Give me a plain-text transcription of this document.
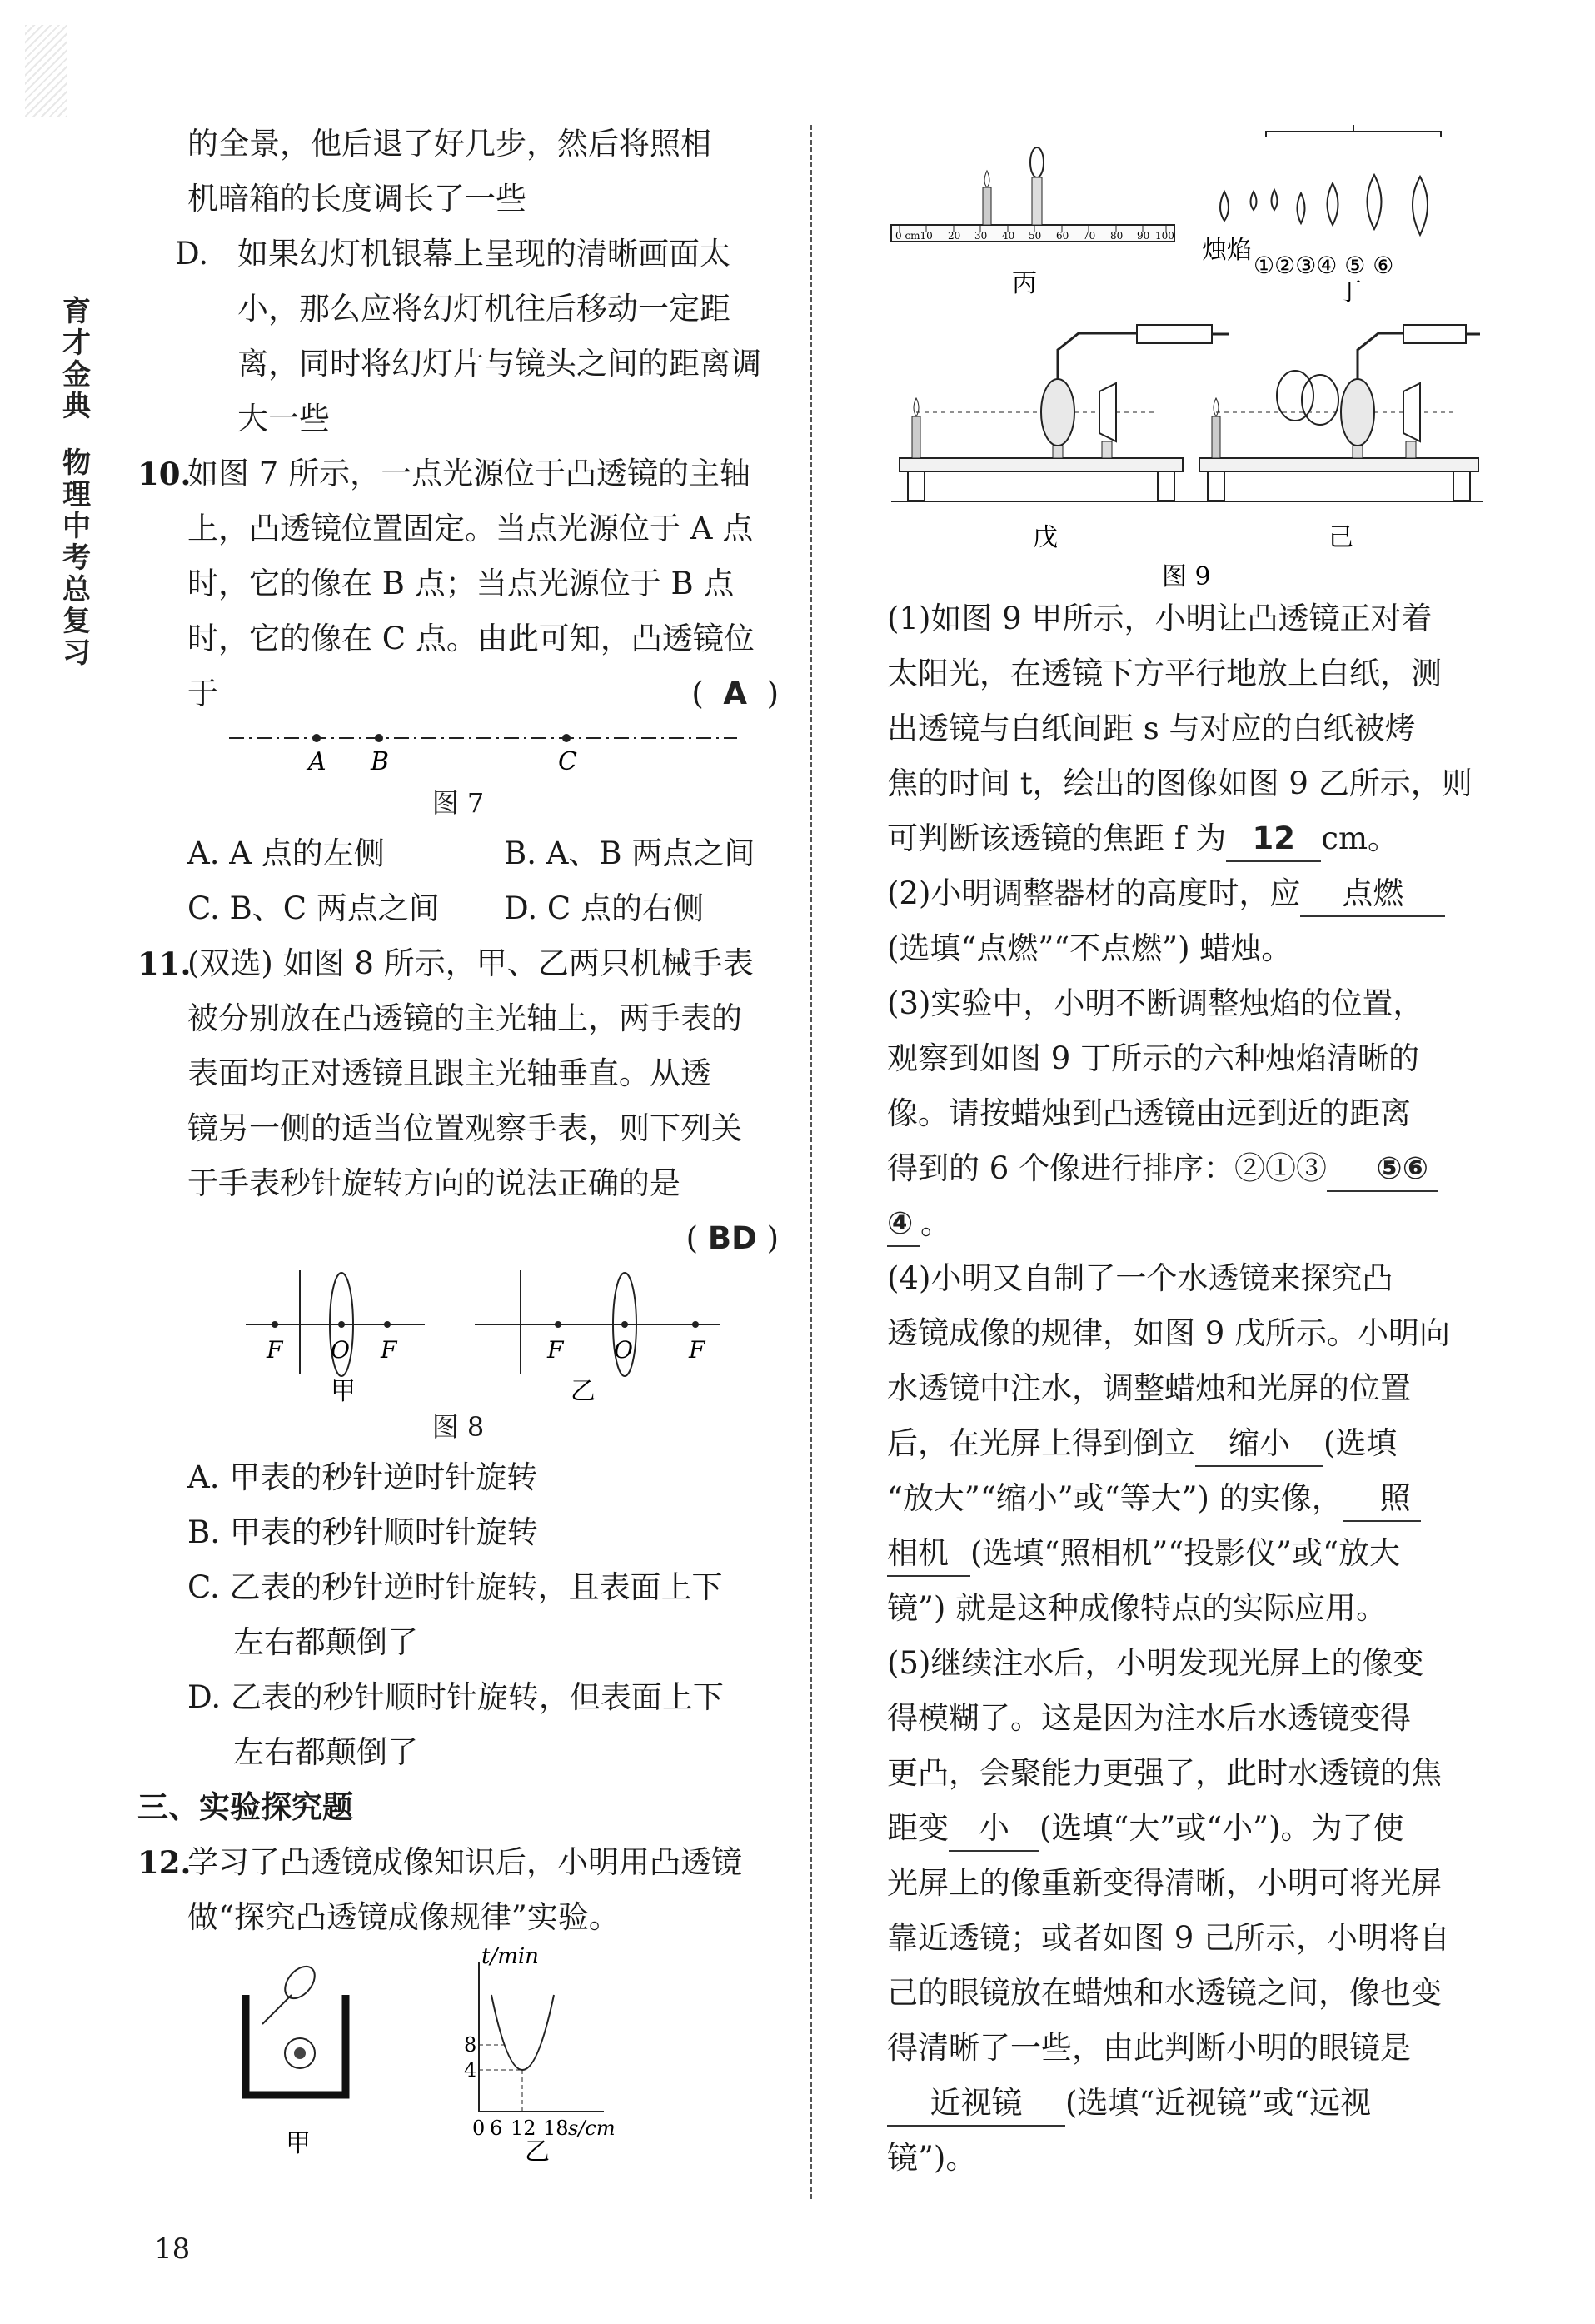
育
才
金
典
物
理
中
考
总
复
习

的全景，他后退了好几步，然后将照相
机暗箱的长度调长了一些

D. 如果幻灯机银幕上呈现的清晰画面太
小，那么应将幻灯机往后移动一定距
离，同时将幻灯片与镜头之间的距离调
大一些

10.

如图 7 所示，一点光源位于凸透镜的主轴
上，凸透镜位置固定。当点光源位于 A 点
时，它的像在 B 点；当点光源位于 B 点
时，它的像在 C 点。由此可知，凸透镜位

于	( A )
A B	C

图 7

A. A 点的左侧	B. A、B 两点之间
C. B、C 两点之间	D. C 点的右侧
11.

(双选) 如图 8 所示，甲、乙两只机械手表
被分别放在凸透镜的主光轴上，两手表的
表面均正对透镜且跟主光轴垂直。从透
镜另一侧的适当位置观察手表，则下列关
于手表秒针旋转方向的说法正确的是

( BD )
F O F
甲
F O F
乙

图 8

A. 甲表的秒针逆时针旋转

B. 甲表的秒针顺时针旋转

C. 乙表的秒针逆时针旋转，且表面上下
左右都颠倒了

D. 乙表的秒针顺时针旋转，但表面上下
左右都颠倒了

三、实验探究题

12.

学习了凸透镜成像知识后，小明用凸透镜
做“探究凸透镜成像规律”实验。

甲
t/min
8
4
0 6 12 18 s/cm
乙
0 cm10 20 30 40 50 60 70 80 90 100
丙
烛焰
①②③④ ⑤ ⑥
丁
戊	己
图 9

(1)如图 9 甲所示，小明让凸透镜正对着
太阳光，在透镜下方平行地放上白纸，测
出透镜与白纸间距 s 与对应的白纸被烤
焦的时间 t，绘出的图像如图 9 乙所示，则
可判断该透镜的焦距 f 为 12 cm。

(2)小明调整器材的高度时，应 点燃
(选填“点燃”“不点燃”) 蜡烛。

(3)实验中，小明不断调整烛焰的位置，
观察到如图 9 丁所示的六种烛焰清晰的
像。请按蜡烛到凸透镜由远到近的距离
得到的 6 个像进行排序：②①③ ⑤⑥
④ 。

(4)小明又自制了一个水透镜来探究凸
透镜成像的规律，如图 9 戊所示。小明向
水透镜中注水，调整蜡烛和光屏的位置
后，在光屏上得到倒立 缩小 (选填
“放大”“缩小”或“等大”) 的实像， 照
相机 (选填“照相机”“投影仪”或“放大
镜”) 就是这种成像特点的实际应用。

(5)继续注水后，小明发现光屏上的像变
得模糊了。这是因为注水后水透镜变得
更凸，会聚能力更强了，此时水透镜的焦
距变 小 (选填“大”或“小”)。为了使
光屏上的像重新变得清晰，小明可将光屏
靠近透镜；或者如图 9 己所示，小明将自
己的眼镜放在蜡烛和水透镜之间，像也变
得清晰了一些，由此判断小明的眼镜是
近视镜 (选填“近视镜”或“远视
镜”)。

18
